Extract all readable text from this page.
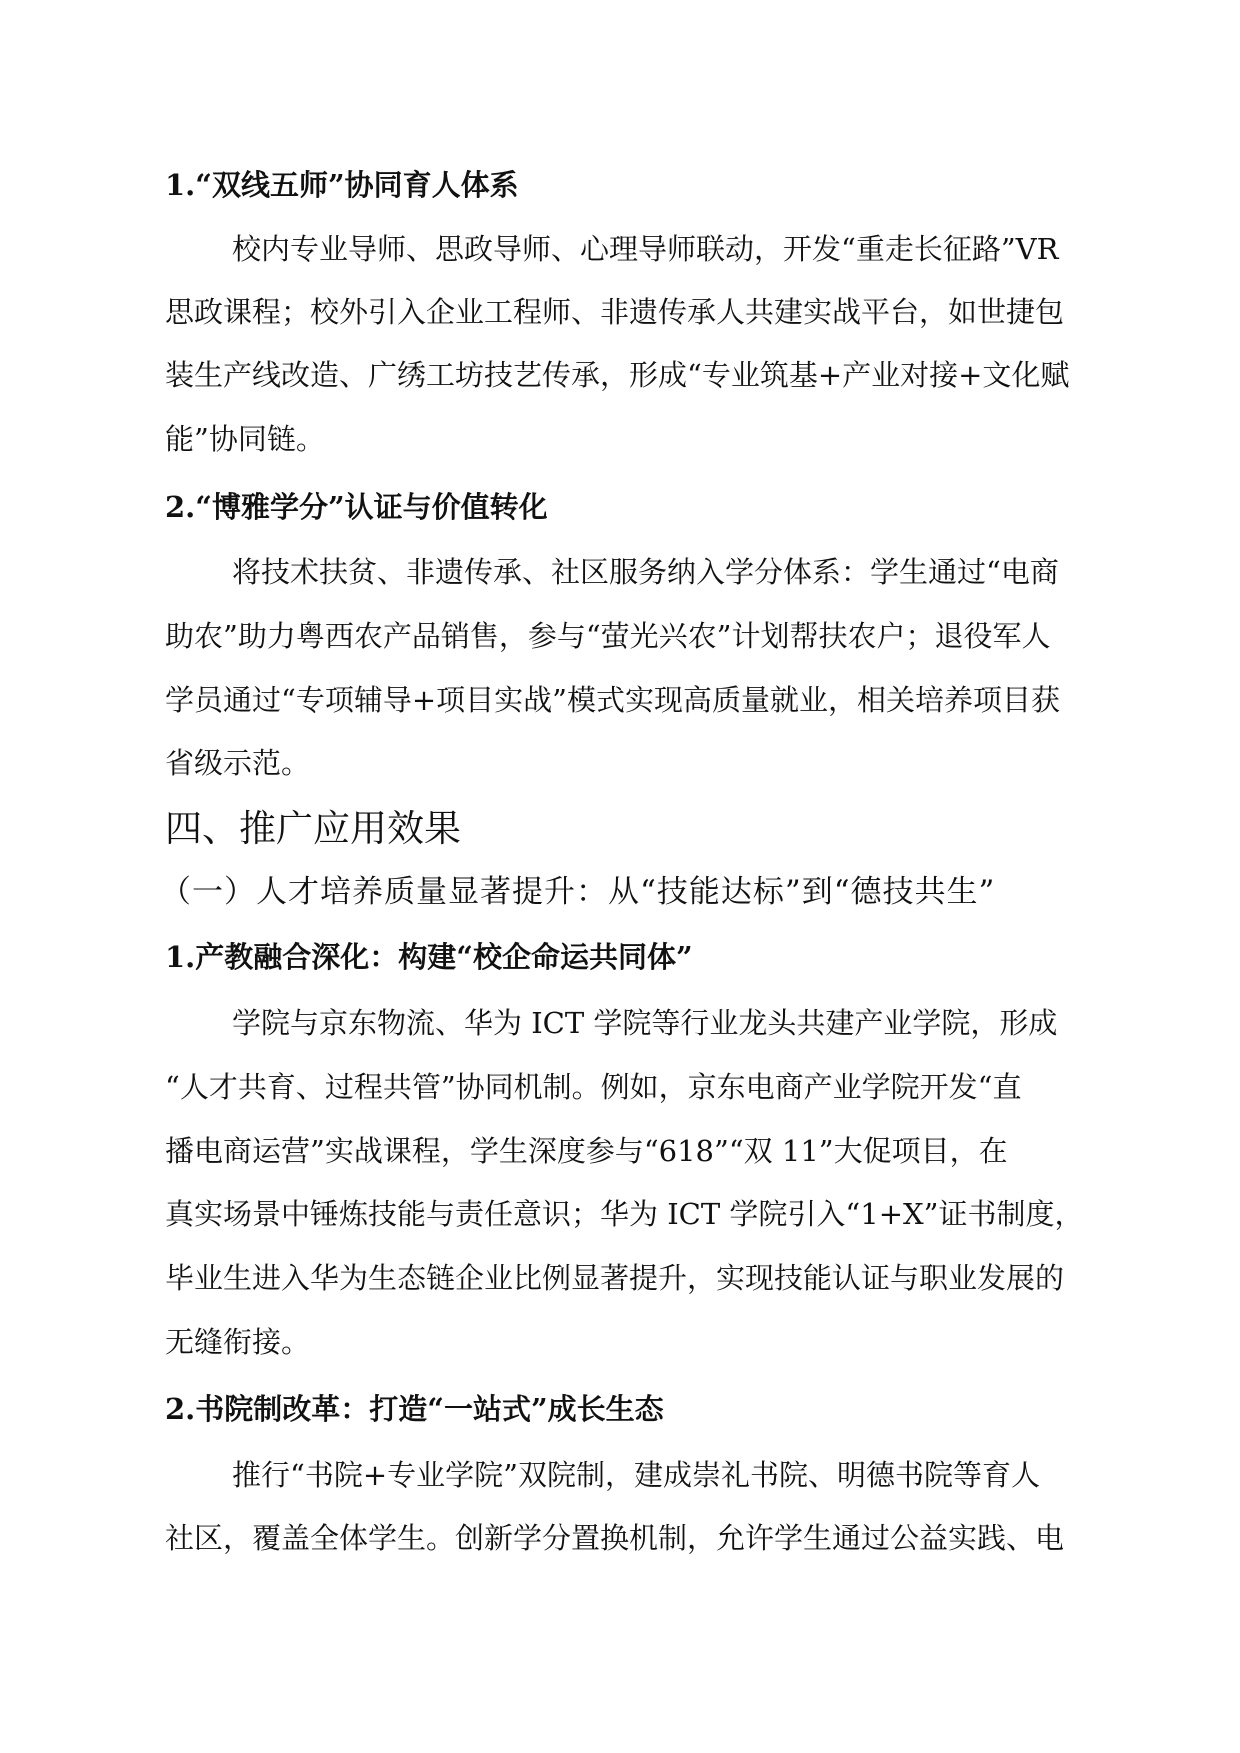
1.“双线五师”协同育人体系
校内专业导师、思政导师、心理导师联动，开发“重走长征路”VR
思政课程；校外引入企业工程师、非遗传承人共建实战平台，如世捷包
装生产线改造、广绣工坊技艺传承，形成“专业筑基+产业对接+文化赋
能”协同链。
2.“博雅学分”认证与价值转化
将技术扶贫、非遗传承、社区服务纳入学分体系：学生通过“电商
助农”助力粤西农产品销售，参与“萤光兴农”计划帮扶农户；退役军人
学员通过“专项辅导+项目实战”模式实现高质量就业，相关培养项目获
省级示范。
四、推广应用效果
（一）人才培养质量显著提升：从“技能达标”到“德技共生”
1.产教融合深化：构建“校企命运共同体”
学院与京东物流、华为 ICT 学院等行业龙头共建产业学院，形成
“人才共育、过程共管”协同机制。例如，京东电商产业学院开发“直
播电商运营”实战课程，学生深度参与“618”“双 11”大促项目，在
真实场景中锤炼技能与责任意识；华为 ICT 学院引入“1+X”证书制度，
毕业生进入华为生态链企业比例显著提升，实现技能认证与职业发展的
无缝衔接。
2.书院制改革：打造“一站式”成长生态
推行“书院+专业学院”双院制，建成崇礼书院、明德书院等育人
社区，覆盖全体学生。创新学分置换机制，允许学生通过公益实践、电
